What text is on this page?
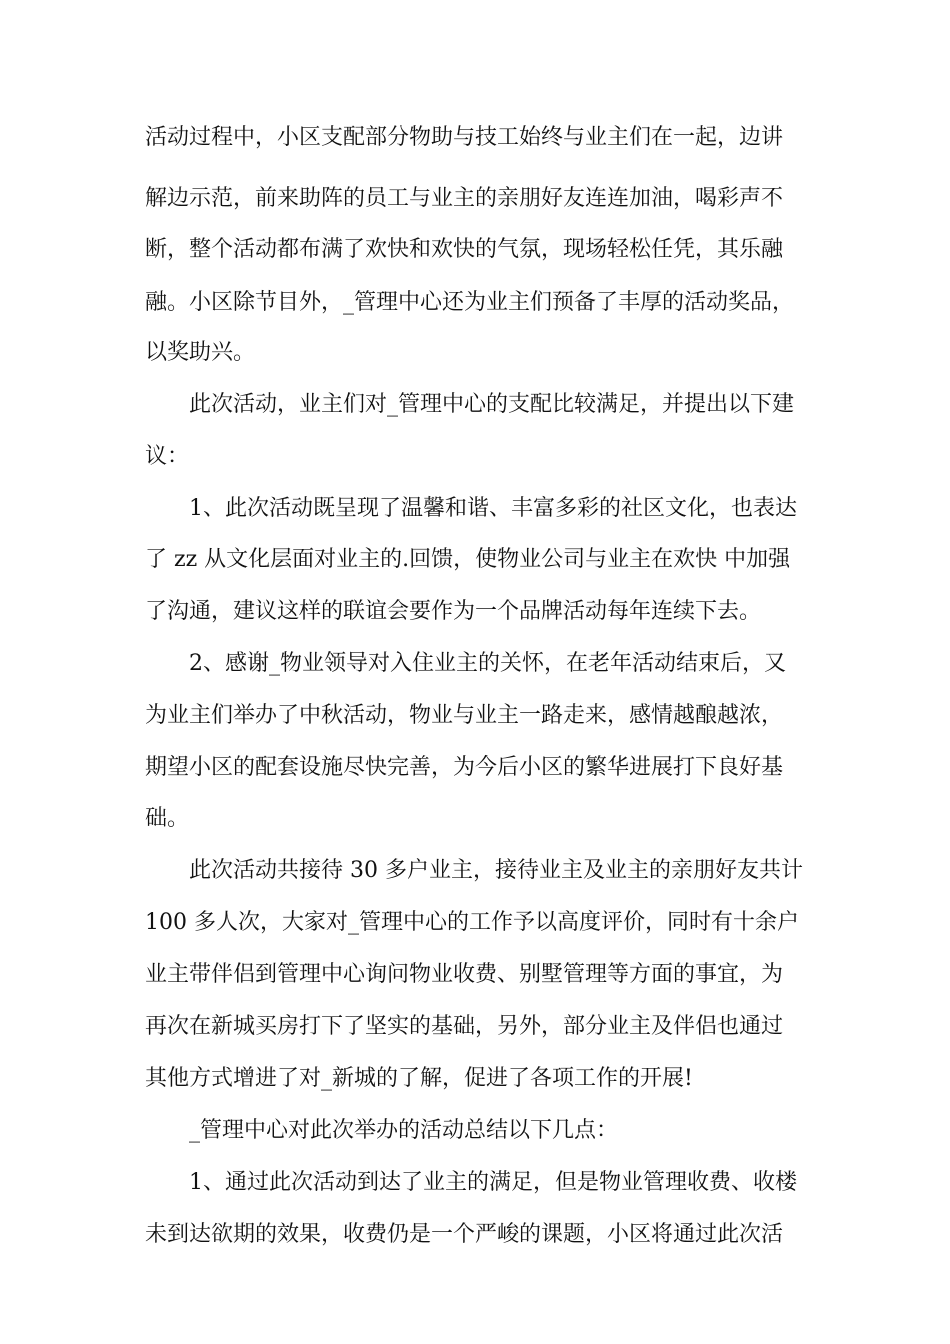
活动过程中，小区支配部分物助与技工始终与业主们在一起，边讲

解边示范，前来助阵的员工与业主的亲朋好友连连加油，喝彩声不

断，整个活动都布满了欢快和欢快的气氛，现场轻松任凭，其乐融

融。小区除节目外，_管理中心还为业主们预备了丰厚的活动奖品，

以奖助兴。

　　此次活动，业主们对_管理中心的支配比较满足，并提出以下建

议：

　　1、此次活动既呈现了温馨和谐、丰富多彩的社区文化，也表达

了 zz 从文化层面对业主的.回馈，使物业公司与业主在欢快 中加强

了沟通，建议这样的联谊会要作为一个品牌活动每年连续下去。

　　2、感谢_物业领导对入住业主的关怀，在老年活动结束后，又

为业主们举办了中秋活动，物业与业主一路走来，感情越酿越浓，

期望小区的配套设施尽快完善，为今后小区的繁华进展打下良好基

础。

　　此次活动共接待 30 多户业主，接待业主及业主的亲朋好友共计

100 多人次，大家对_管理中心的工作予以高度评价，同时有十余户

业主带伴侣到管理中心询问物业收费、别墅管理等方面的事宜，为

再次在新城买房打下了坚实的基础，另外，部分业主及伴侣也通过

其他方式增进了对_新城的了解，促进了各项工作的开展!

　　_管理中心对此次举办的活动总结以下几点：

　　1、通过此次活动到达了业主的满足，但是物业管理收费、收楼

未到达欲期的效果，收费仍是一个严峻的课题，小区将通过此次活
